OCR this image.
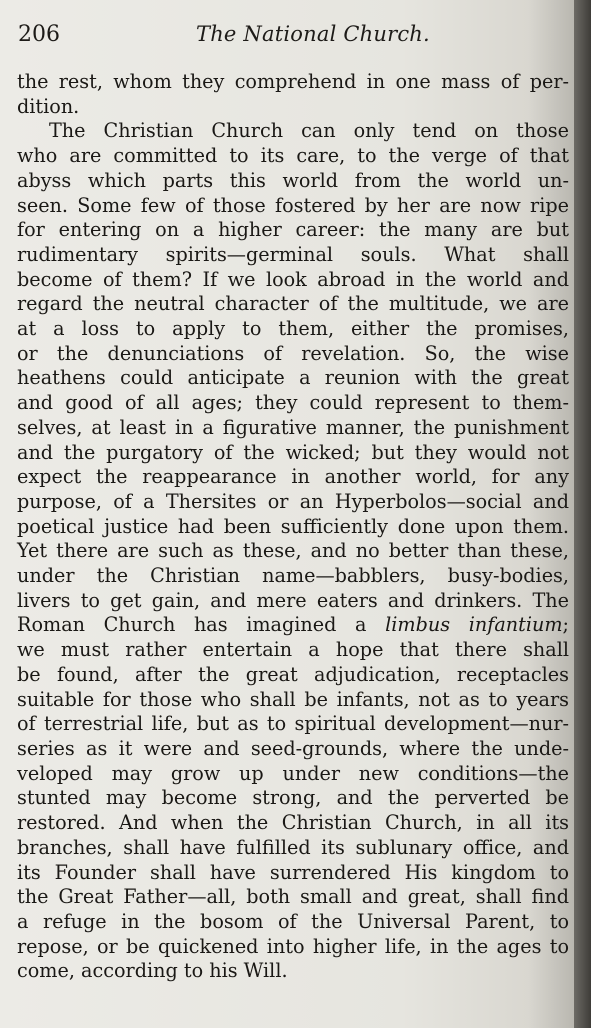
206	The National Church.
the rest, whom they comprehend in one mass of per-
dition.
The Christian Church can only tend on those
who are committed to its care, to the verge of that
abyss which parts this world from the world un-
seen. Some few of those fostered by her are now ripe
for entering on a higher career: the many are but
rudimentary spirits—germinal souls. What shall
become of them? If we look abroad in the world and
regard the neutral character of the multitude, we are
at a loss to apply to them, either the promises,
or the denunciations of revelation. So, the wise
heathens could anticipate a reunion with the great
and good of all ages; they could represent to them-
selves, at least in a figurative manner, the punishment
and the purgatory of the wicked; but they would not
expect the reappearance in another world, for any
purpose, of a Thersites or an Hyperbolos—social and
poetical justice had been sufficiently done upon them.
Yet there are such as these, and no better than these,
under the Christian name—babblers, busy-bodies,
livers to get gain, and mere eaters and drinkers. The
Roman Church has imagined a limbus infantium;
we must rather entertain a hope that there shall
be found, after the great adjudication, receptacles
suitable for those who shall be infants, not as to years
of terrestrial life, but as to spiritual development—nur-
series as it were and seed-grounds, where the unde-
veloped may grow up under new conditions—the
stunted may become strong, and the perverted be
restored. And when the Christian Church, in all its
branches, shall have fulfilled its sublunary office, and
its Founder shall have surrendered His kingdom to
the Great Father—all, both small and great, shall find
a refuge in the bosom of the Universal Parent, to
repose, or be quickened into higher life, in the ages to
come, according to his Will.
